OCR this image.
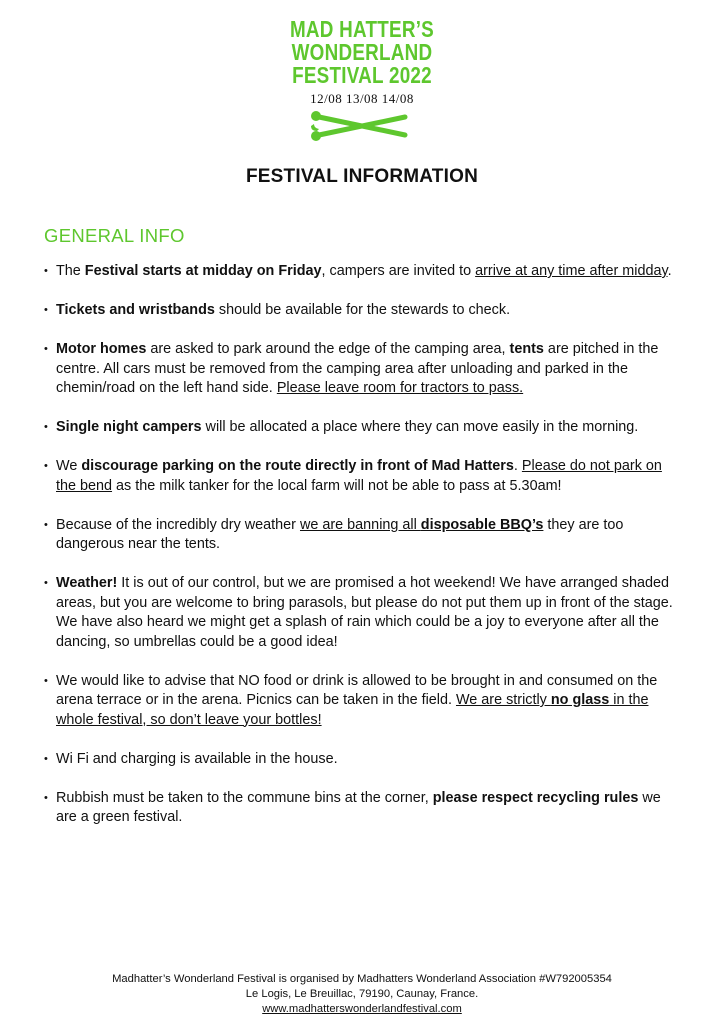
MAD HATTER’S
WONDERLAND
FESTIVAL 2022
12/08 13/08 14/08
FESTIVAL INFORMATION
GENERAL INFO
• The Festival starts at midday on Friday, campers are invited to arrive at any time after midday.
• Tickets and wristbands should be available for the stewards to check.
• Motor homes are asked to park around the edge of the camping area, tents are pitched in the centre. All cars must be removed from the camping area after unloading and parked in the chemin/road on the left hand side. Please leave room for tractors to pass.
• Single night campers will be allocated a place where they can move easily in the morning.
• We discourage parking on the route directly in front of Mad Hatters. Please do not park on the bend as the milk tanker for the local farm will not be able to pass at 5.30am!
• Because of the incredibly dry weather we are banning all disposable BBQ’s they are too dangerous near the tents.
• Weather! It is out of our control, but we are promised a hot weekend! We have arranged shaded areas, but you are welcome to bring parasols, but please do not put them up in front of the stage. We have also heard we might get a splash of rain which could be a joy to everyone after all the dancing, so umbrellas could be a good idea!
• We would like to advise that NO food or drink is allowed to be brought in and consumed on the arena terrace or in the arena. Picnics can be taken in the field. We are strictly no glass in the whole festival, so don’t leave your bottles!
• Wi Fi and charging is available in the house.
• Rubbish must be taken to the commune bins at the corner, please respect recycling rules we are a green festival.
Madhatter’s Wonderland Festival is organised by Madhatters Wonderland Association #W792005354
Le Logis, Le Breuillac, 79190, Caunay, France.
www.madhatterswonderlandfestival.com
